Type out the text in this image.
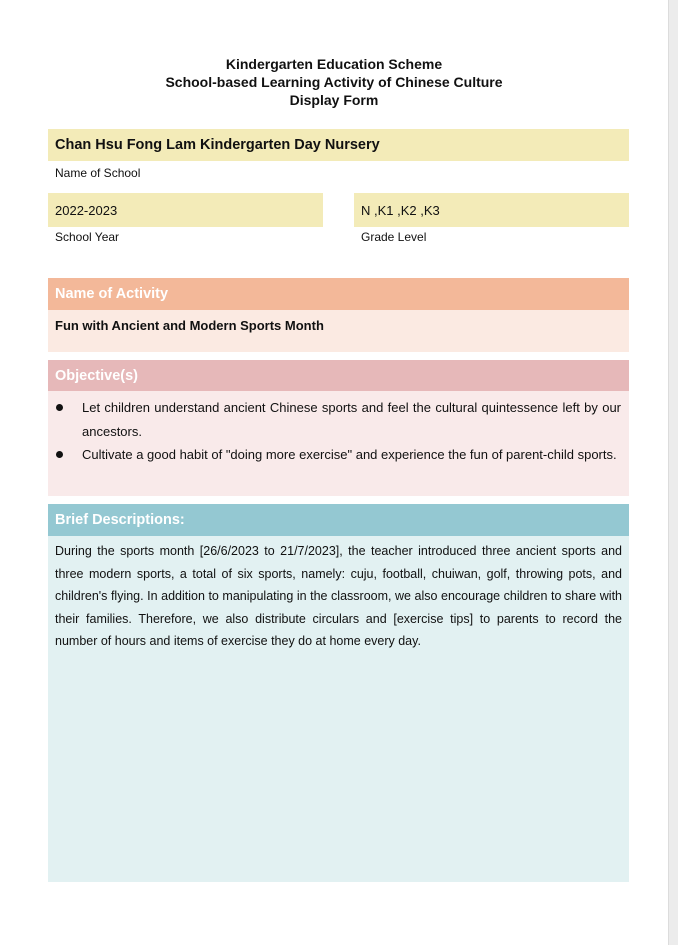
Kindergarten Education Scheme
School-based Learning Activity of Chinese Culture
Display Form
Chan Hsu Fong Lam Kindergarten Day Nursery
Name of School
2022-2023
School Year
N ,K1 ,K2 ,K3
Grade Level
Name of Activity
Fun with Ancient and Modern Sports Month
Objective(s)
Let children understand ancient Chinese sports and feel the cultural quintessence left by our ancestors.
Cultivate a good habit of "doing more exercise" and experience the fun of parent-child sports.
Brief Descriptions:
During the sports month [26/6/2023 to 21/7/2023], the teacher introduced three ancient sports and three modern sports, a total of six sports, namely: cuju, football, chuiwan, golf, throwing pots, and children's flying. In addition to manipulating in the classroom, we also encourage children to share with their families. Therefore, we also distribute circulars and [exercise tips] to parents to record the number of hours and items of exercise they do at home every day.
